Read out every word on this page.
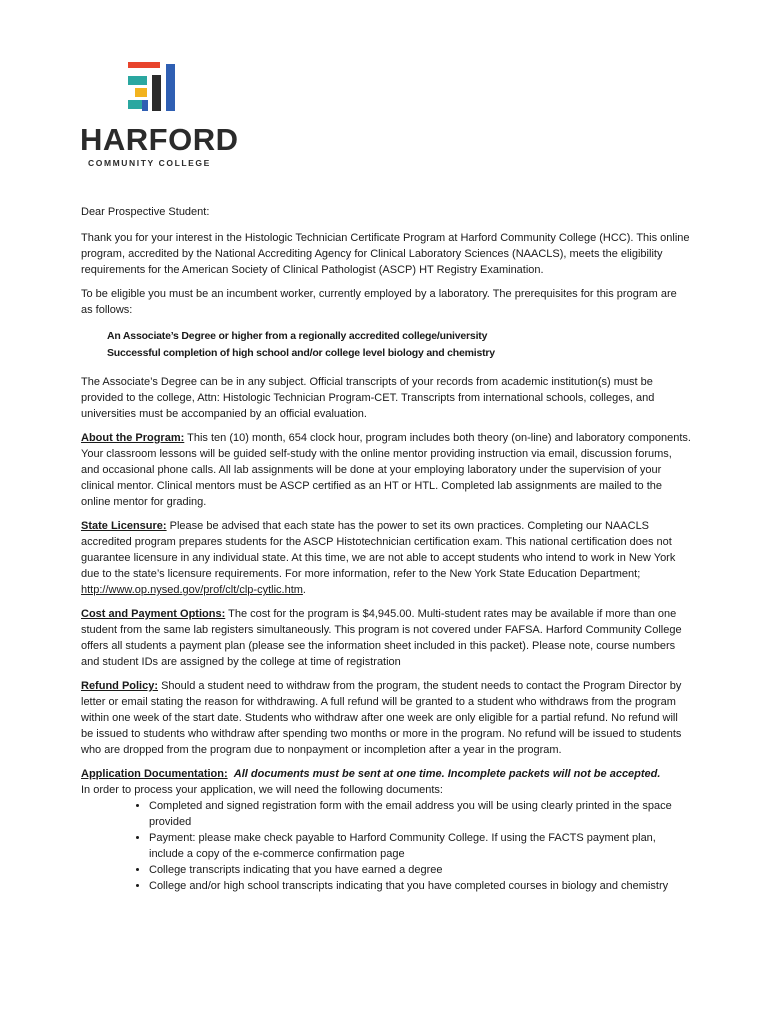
HARFORD
COMMUNITY COLLEGE

Dear Prospective Student:

Thank you for your interest in the Histologic Technician Certificate Program at Harford Community College (HCC). This online program, accredited by the National Accrediting Agency for Clinical Laboratory Sciences (NAACLS), meets the eligibility requirements for the American Society of Clinical Pathologist (ASCP) HT Registry Examination.

To be eligible you must be an incumbent worker, currently employed by a laboratory. The prerequisites for this program are as follows:

An Associate’s Degree or higher from a regionally accredited college/university
Successful completion of high school and/or college level biology and chemistry

The Associate’s Degree can be in any subject. Official transcripts of your records from academic institution(s) must be provided to the college, Attn: Histologic Technician Program-CET. Transcripts from international schools, colleges, and universities must be accompanied by an official evaluation.

About the Program: This ten (10) month, 654 clock hour, program includes both theory (on-line) and laboratory components. Your classroom lessons will be guided self-study with the online mentor providing instruction via email, discussion forums, and occasional phone calls. All lab assignments will be done at your employing laboratory under the supervision of your clinical mentor. Clinical mentors must be ASCP certified as an HT or HTL. Completed lab assignments are mailed to the online mentor for grading.

State Licensure: Please be advised that each state has the power to set its own practices. Completing our NAACLS accredited program prepares students for the ASCP Histotechnician certification exam. This national certification does not guarantee licensure in any individual state. At this time, we are not able to accept students who intend to work in New York due to the state’s licensure requirements. For more information, refer to the New York State Education Department; http://www.op.nysed.gov/prof/clt/clp-cytlic.htm.

Cost and Payment Options: The cost for the program is $4,945.00. Multi-student rates may be available if more than one student from the same lab registers simultaneously. This program is not covered under FAFSA. Harford Community College offers all students a payment plan (please see the information sheet included in this packet). Please note, course numbers and student IDs are assigned by the college at time of registration

Refund Policy: Should a student need to withdraw from the program, the student needs to contact the Program Director by letter or email stating the reason for withdrawing. A full refund will be granted to a student who withdraws from the program within one week of the start date. Students who withdraw after one week are only eligible for a partial refund. No refund will be issued to students who withdraw after spending two months or more in the program. No refund will be issued to students who are dropped from the program due to nonpayment or incompletion after a year in the program.

Application Documentation: All documents must be sent at one time. Incomplete packets will not be accepted.

In order to process your application, we will need the following documents:

• Completed and signed registration form with the email address you will be using clearly printed in the space provided
• Payment: please make check payable to Harford Community College. If using the FACTS payment plan, include a copy of the e-commerce confirmation page
• College transcripts indicating that you have earned a degree
• College and/or high school transcripts indicating that you have completed courses in biology and chemistry
